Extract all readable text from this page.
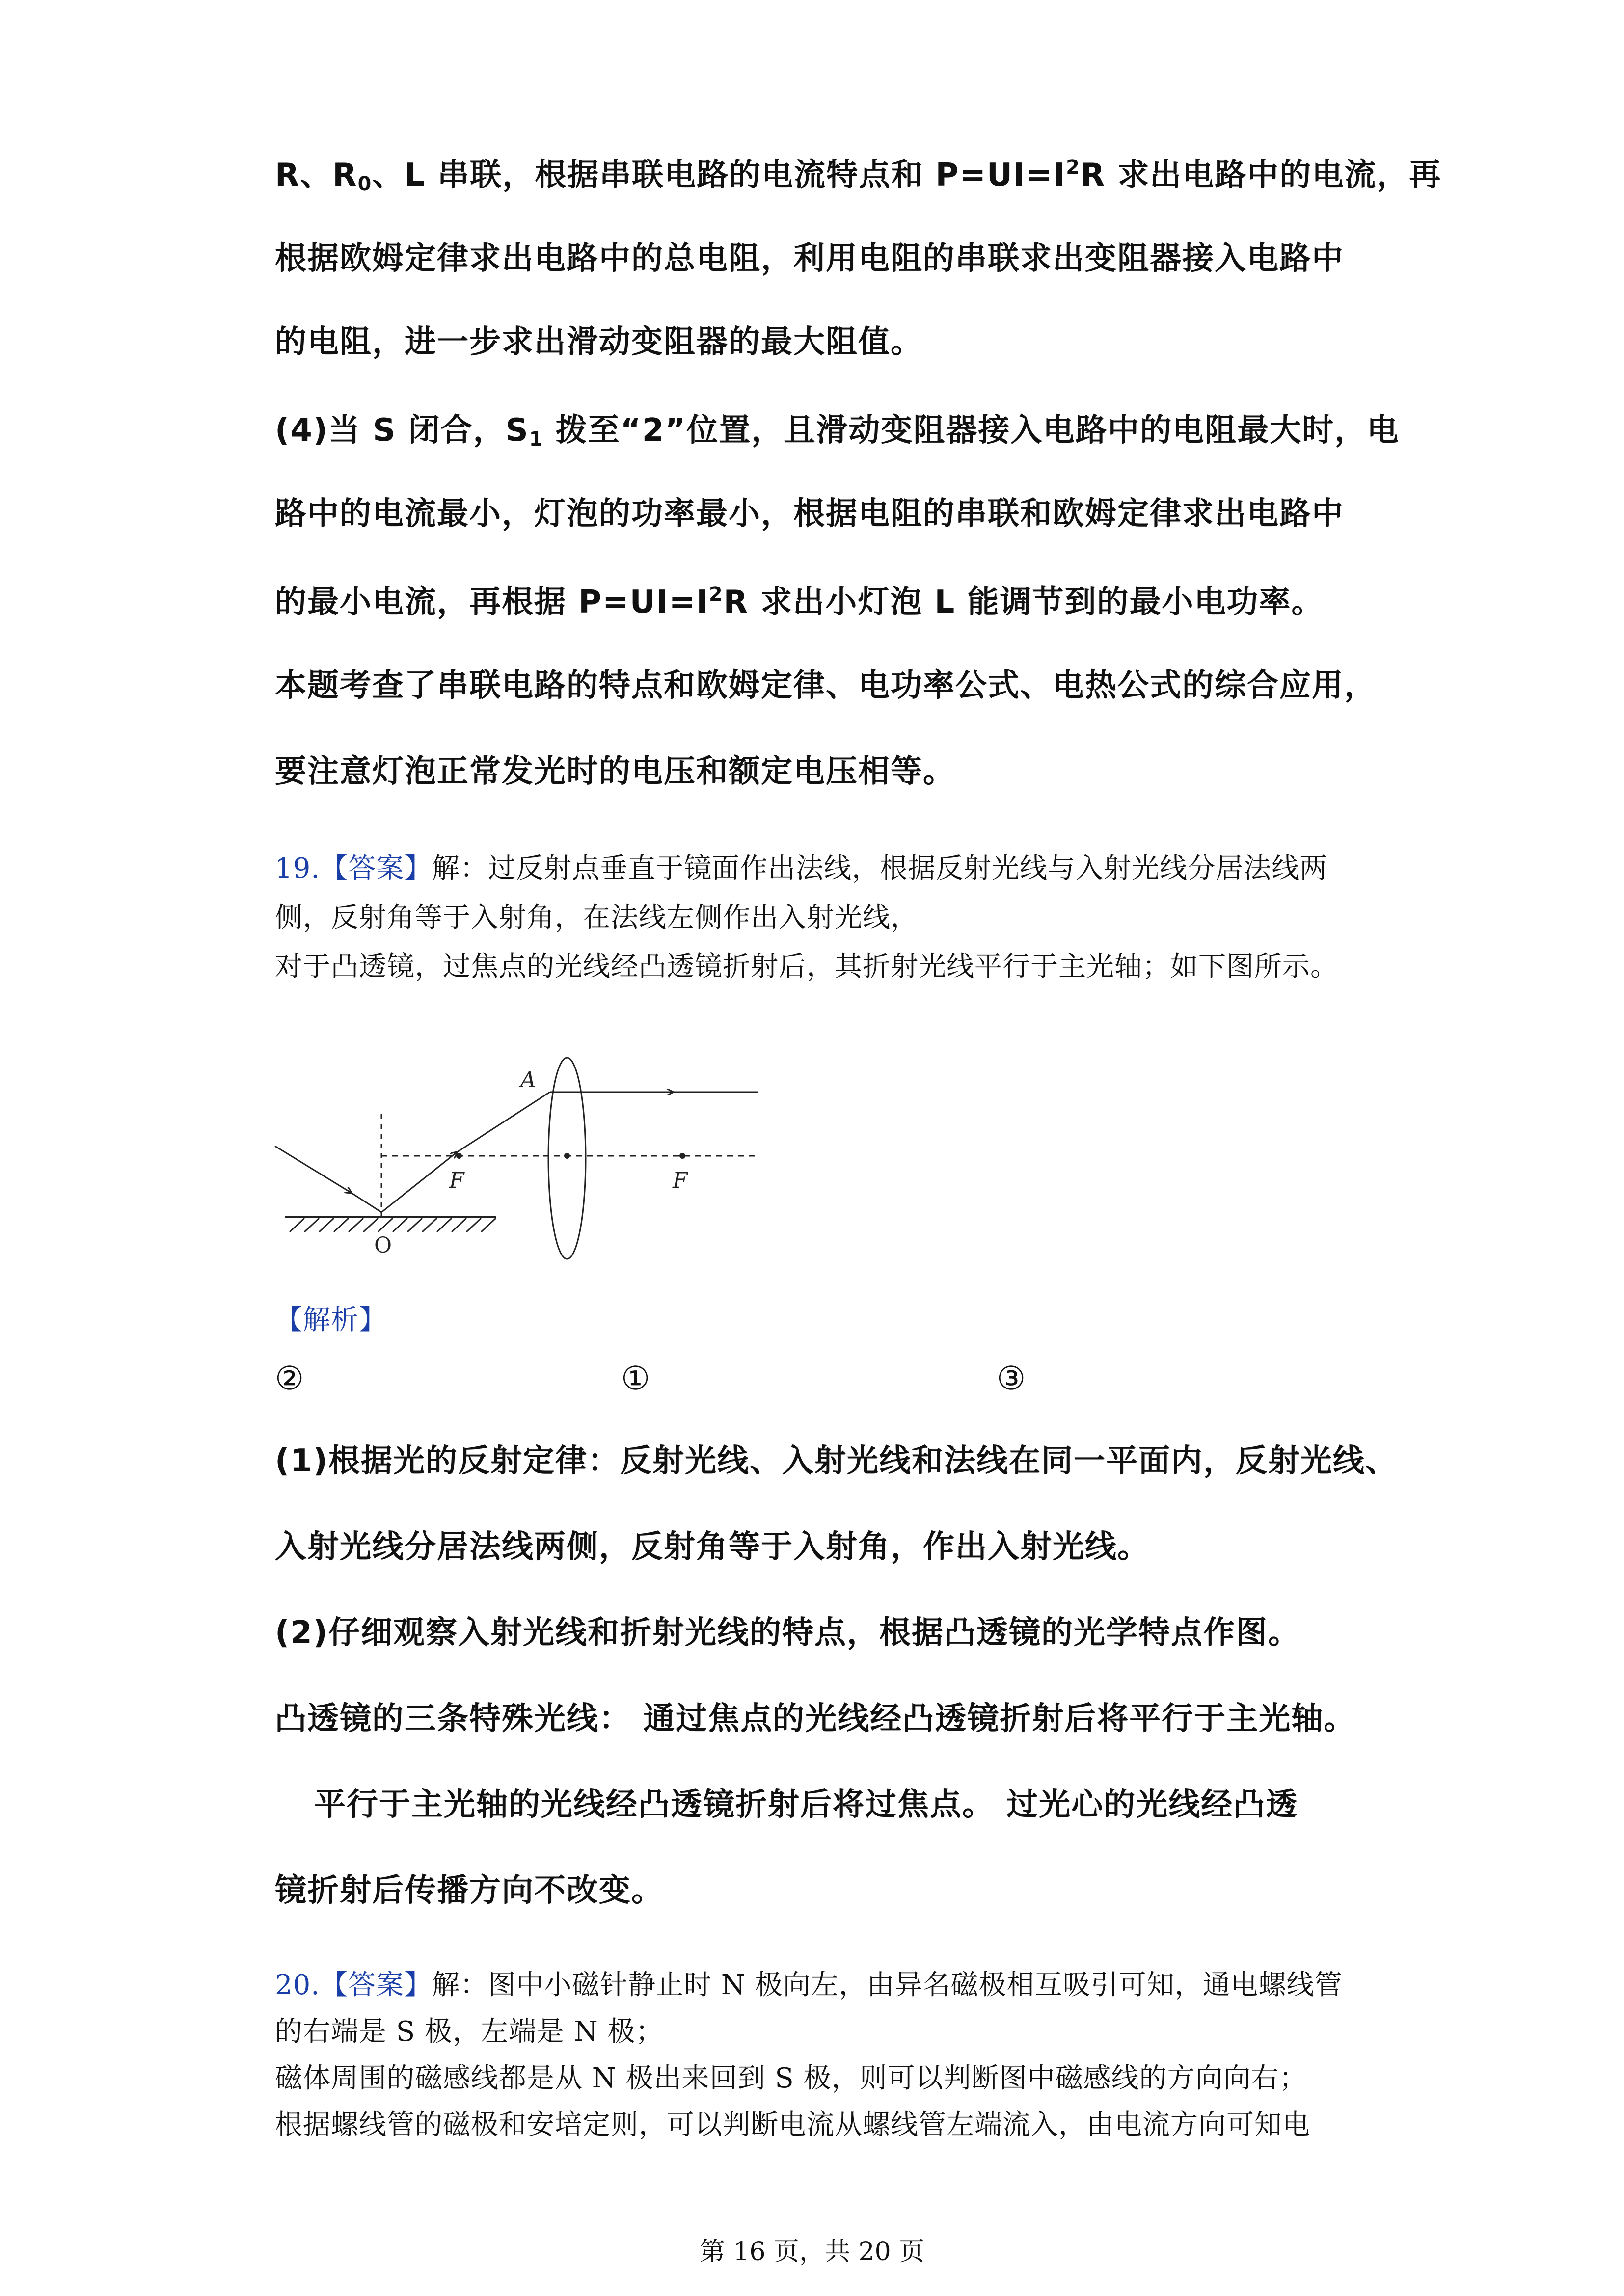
R、$R_0$、L 串联，根据串联电路的电流特点和 $P=UI=I^2R$ 求出电路中的电流，再
根据欧姆定律求出电路中的总电阻，利用电阻的串联求出变阻器接入电路中
的电阻，进一步求出滑动变阻器的最大阻值。
(4)当 S 闭合，$S_1$ 拨至“2”位置，且滑动变阻器接入电路中的电阻最大时，电
路中的电流最小，灯泡的功率最小，根据电阻的串联和欧姆定律求出电路中
的最小电流，再根据 $P=UI=I^2R$ 求出小灯泡 L 能调节到的最小电功率。
本题考查了串联电路的特点和欧姆定律、电功率公式、电热公式的综合应用，
要注意灯泡正常发光时的电压和额定电压相等。
19.【答案】解：过反射点垂直于镜面作出法线，根据反射光线与入射光线分居法线两
侧，反射角等于入射角，在法线左侧作出入射光线，
对于凸透镜，过焦点的光线经凸透镜折射后，其折射光线平行于主光轴；如下图所示。
A
F	F
O
【解析】
②	①	③
(1)根据光的反射定律：反射光线、入射光线和法线在同一平面内，反射光线、
入射光线分居法线两侧，反射角等于入射角，作出入射光线。
(2)仔细观察入射光线和折射光线的特点，根据凸透镜的光学特点作图。
凸透镜的三条特殊光线： 通过焦点的光线经凸透镜折射后将平行于主光轴。
平行于主光轴的光线经凸透镜折射后将过焦点。 过光心的光线经凸透
镜折射后传播方向不改变。
20.【答案】解：图中小磁针静止时 N 极向左，由异名磁极相互吸引可知，通电螺线管
的右端是 S 极，左端是 N 极；
磁体周围的磁感线都是从 N 极出来回到 S 极，则可以判断图中磁感线的方向向右；
根据螺线管的磁极和安培定则，可以判断电流从螺线管左端流入，由电流方向可知电
第 16 页，共 20 页
